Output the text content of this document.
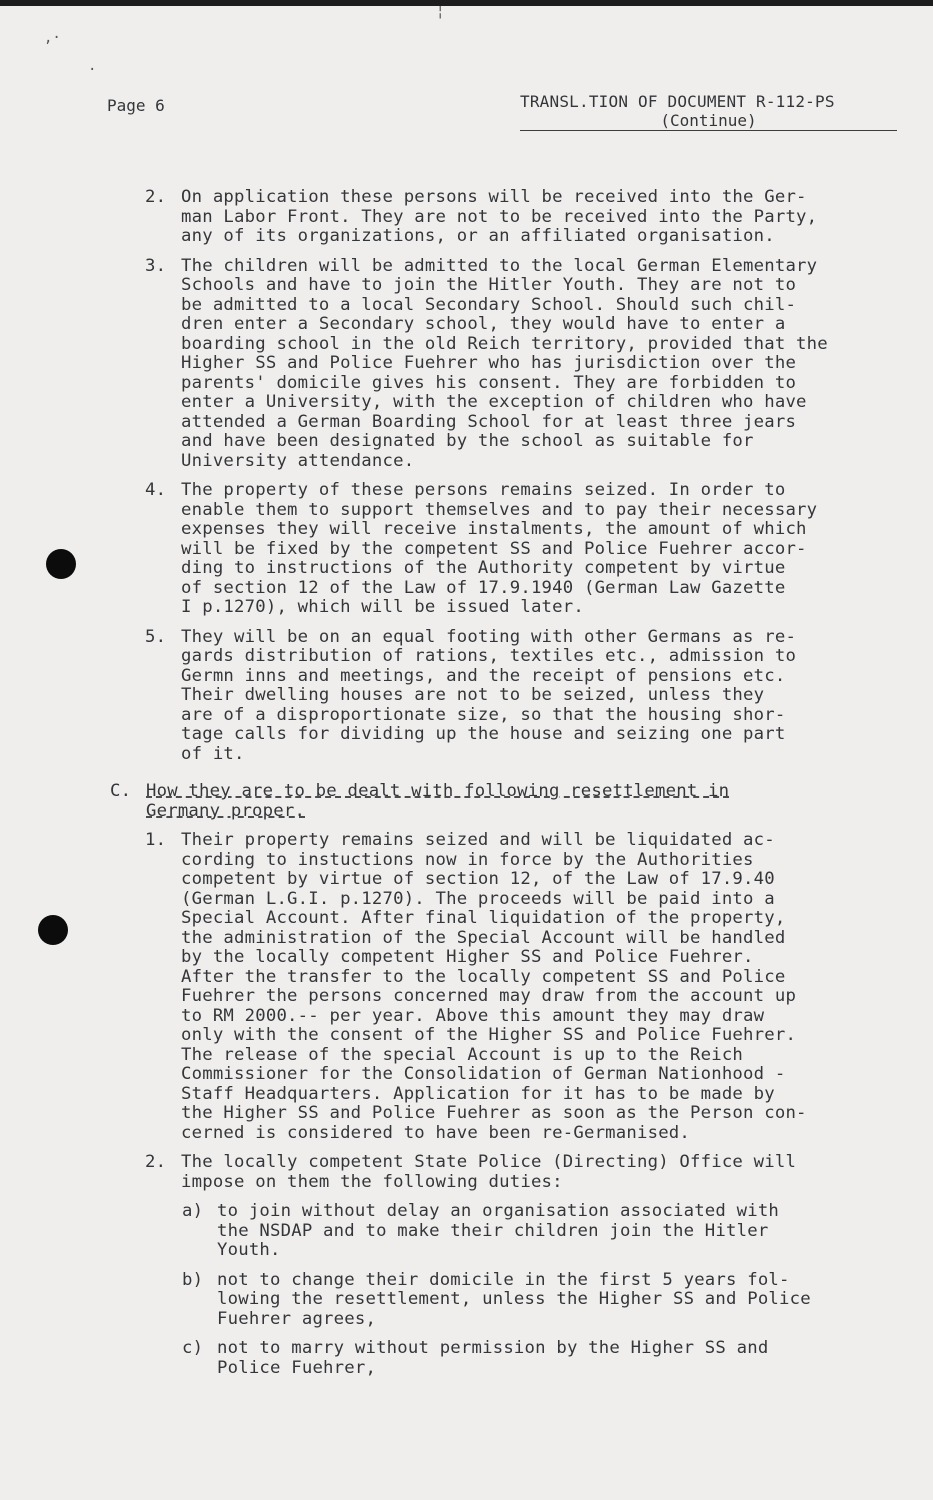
¦
,·
.
Page 6	TRANSL.TION OF DOCUMENT R-112-PS
(Continue)
2. On application these persons will be received into the Ger-
man Labor Front. They are not to be received into the Party,
any of its organizations, or an affiliated organisation.
3. The children will be admitted to the local German Elementary
Schools and have to join the Hitler Youth. They are not to
be admitted to a local Secondary School. Should such chil-
dren enter a Secondary school, they would have to enter a
boarding school in the old Reich territory, provided that the
Higher SS and Police Fuehrer who has jurisdiction over the
parents' domicile gives his consent. They are forbidden to
enter a University, with the exception of children who have
attended a German Boarding School for at least three jears
and have been designated by the school as suitable for
University attendance.
4. The property of these persons remains seized. In order to
enable them to support themselves and to pay their necessary
expenses they will receive instalments, the amount of which
will be fixed by the competent SS and Police Fuehrer accor-
ding to instructions of the Authority competent by virtue
of section 12 of the Law of 17.9.1940 (German Law Gazette
I p.1270), which will be issued later.
5. They will be on an equal footing with other Germans as re-
gards distribution of rations, textiles etc., admission to
Germn inns and meetings, and the receipt of pensions etc.
Their dwelling houses are not to be seized, unless they
are of a disproportionate size, so that the housing shor-
tage calls for dividing up the house and seizing one part
of it.
C. How they are to be dealt with following resettlement in
Germany proper.
1. Their property remains seized and will be liquidated ac-
cording to instuctions now in force by the Authorities
competent by virtue of section 12, of the Law of 17.9.40
(German L.G.I. p.1270). The proceeds will be paid into a
Special Account. After final liquidation of the property,
the administration of the Special Account will be handled
by the locally competent Higher SS and Police Fuehrer.
After the transfer to the locally competent SS and Police
Fuehrer the persons concerned may draw from the account up
to RM 2000.-- per year. Above this amount they may draw
only with the consent of the Higher SS and Police Fuehrer.
The release of the special Account is up to the Reich
Commissioner for the Consolidation of German Nationhood -
Staff Headquarters. Application for it has to be made by
the Higher SS and Police Fuehrer as soon as the Person con-
cerned is considered to have been re-Germanised.
2. The locally competent State Police (Directing) Office will
impose on them the following duties:
a) to join without delay an organisation associated with
the NSDAP and to make their children join the Hitler
Youth.
b) not to change their domicile in the first 5 years fol-
lowing the resettlement, unless the Higher SS and Police
Fuehrer agrees,
c) not to marry without permission by the Higher SS and
Police Fuehrer,
